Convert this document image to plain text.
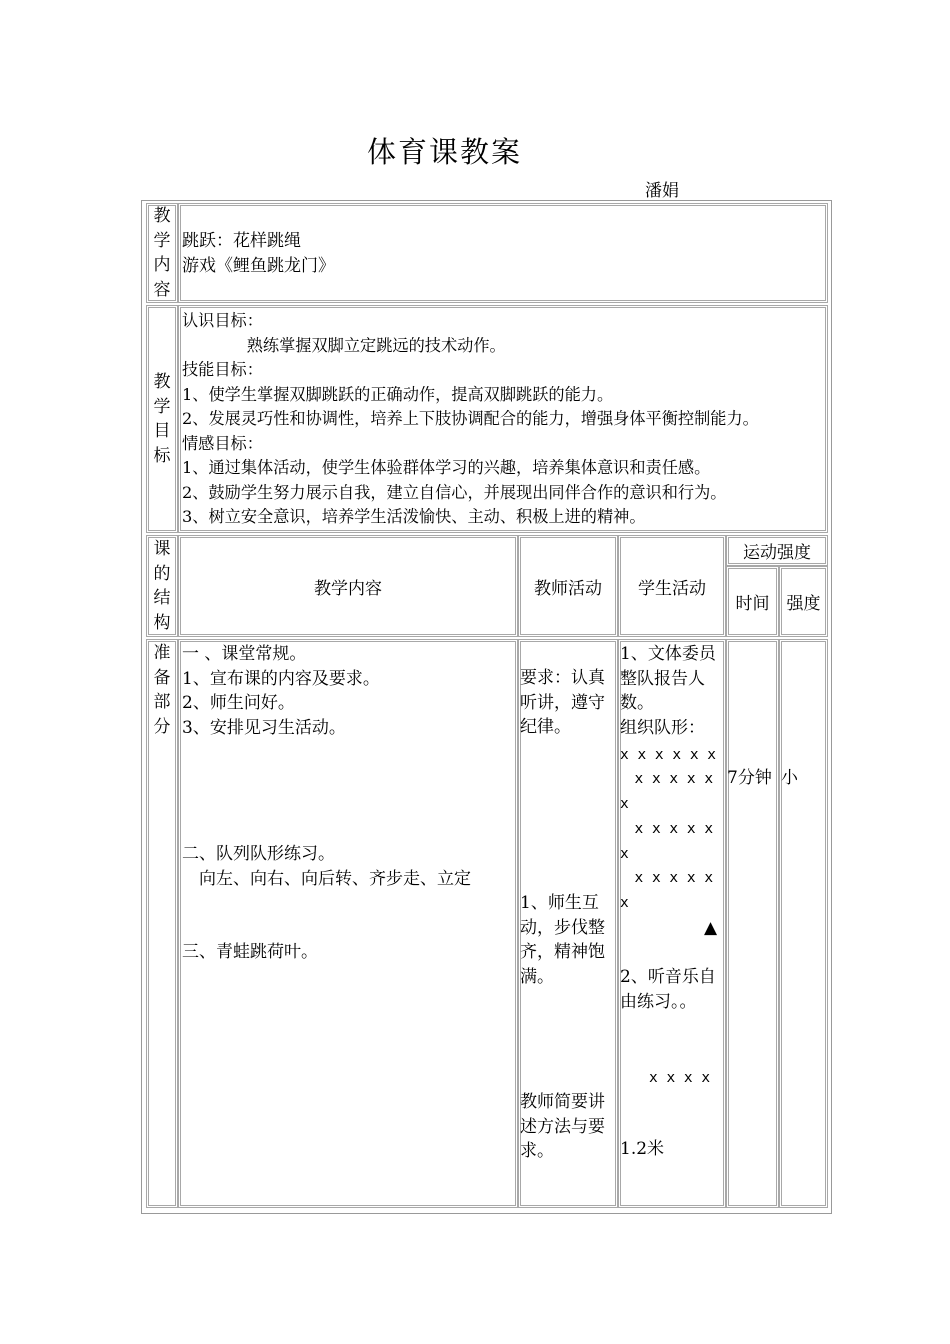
体育课教案
潘娟
教
学
内
容
跳跃：花样跳绳
游戏《鲤鱼跳龙门》
教
学
目
标
认识目标：
　　　　熟练掌握双脚立定跳远的技术动作。
技能目标：
1、使学生掌握双脚跳跃的正确动作，提高双脚跳跃的能力。
2、发展灵巧性和协调性，培养上下肢协调配合的能力，增强身体平衡控制能力。
情感目标：
1、通过集体活动，使学生体验群体学习的兴趣，培养集体意识和责任感。
2、鼓励学生努力展示自我，建立自信心，并展现出同伴合作的意识和行为。
3、树立安全意识，培养学生活泼愉快、主动、积极上进的精神。
课
的
结
构
教学内容	教师活动 学生活动
运动强度
时间 强度
准
备
部
分
一 、课堂常规。
1、宣布课的内容及要求。
2、师生问好。
3、安排见习生活动。
二、队列队形练习。
　向左、向右、向后转、齐步走、立定
三、青蛙跳荷叶。
要求：认真听讲，遵守纪律。
1、师生互动，步伐整齐，精神饱满。
教师简要讲述方法与要求。
1、文体委员整队报告人数。
组织队形：
x x x x x x
　x x x x x x
　x x x x x x
　x x x x x x
▲
2、听音乐自由练习。。
　　x x x x
1.2米
7分钟 小
